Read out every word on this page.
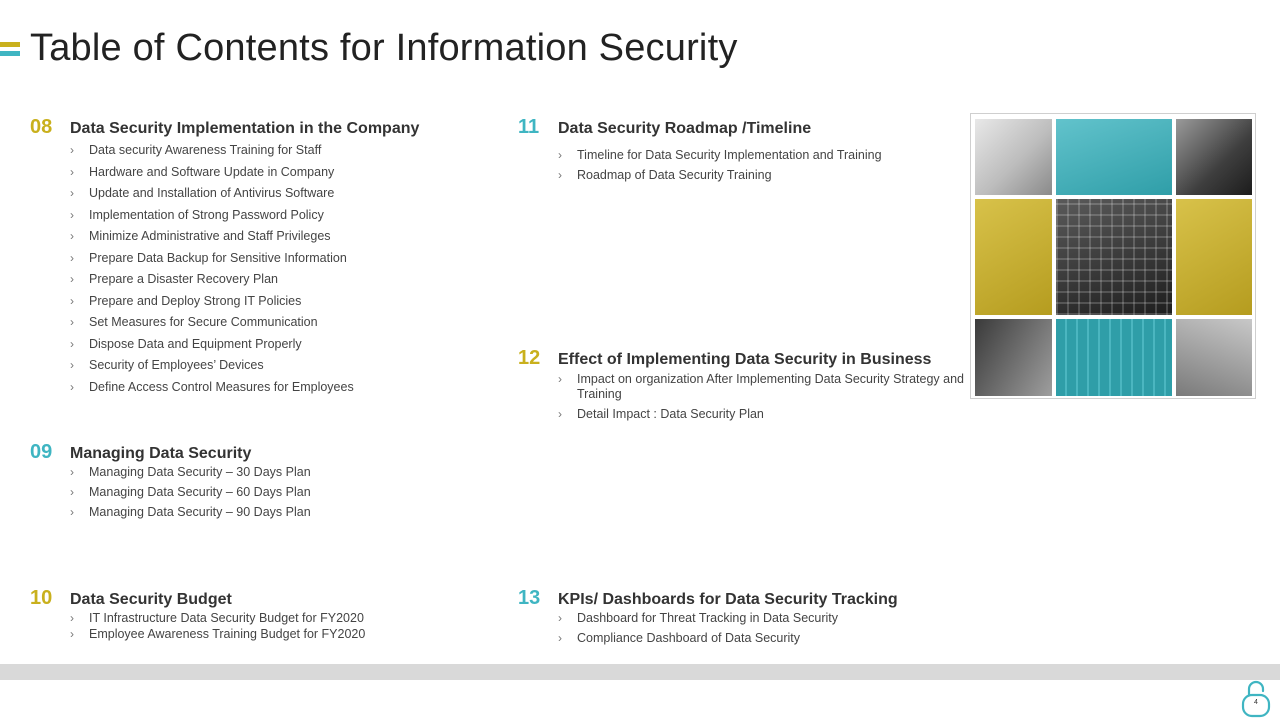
Table of Contents for Information Security
08	Data Security Implementation in the Company
› Data security Awareness Training for Staff
› Hardware and Software Update in Company
› Update and Installation of Antivirus Software
› Implementation of Strong Password Policy
› Minimize Administrative and Staff Privileges
› Prepare Data Backup for Sensitive Information
› Prepare a Disaster Recovery Plan
› Prepare and Deploy Strong IT Policies
› Set Measures for Secure Communication
› Dispose Data and Equipment Properly
› Security of Employees’ Devices
› Define Access Control Measures for Employees
09	Managing Data Security
› Managing Data Security – 30 Days Plan
› Managing Data Security – 60 Days Plan
› Managing Data Security – 90 Days Plan
10	Data Security Budget
› IT Infrastructure Data Security Budget for FY2020
› Employee Awareness Training Budget for FY2020
11	Data Security Roadmap /Timeline
› Timeline for Data Security Implementation and Training
› Roadmap of Data Security Training
12	Effect of Implementing Data Security in Business
› Impact on organization After Implementing Data Security Strategy and Training
› Detail Impact : Data Security Plan
13	KPIs/ Dashboards for Data Security Tracking
› Dashboard for Threat Tracking in Data Security
› Compliance Dashboard of Data Security
4
